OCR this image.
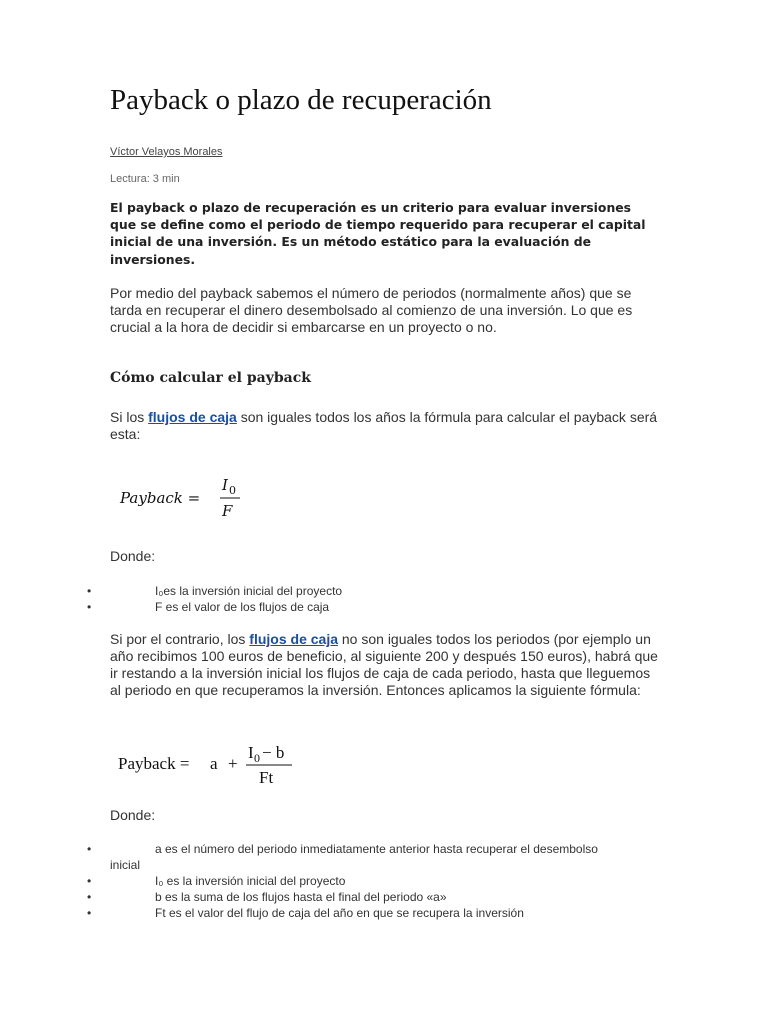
Payback o plazo de recuperación
Víctor Velayos Morales
Lectura: 3 min

El payback o plazo de recuperación es un criterio para evaluar inversiones que se define como el periodo de tiempo requerido para recuperar el capital inicial de una inversión. Es un método estático para la evaluación de inversiones.

Por medio del payback sabemos el número de periodos (normalmente años) que se tarda en recuperar el dinero desembolsado al comienzo de una inversión. Lo que es crucial a la hora de decidir si embarcarse en un proyecto o no.

Cómo calcular el payback

Si los flujos de caja son iguales todos los años la fórmula para calcular el payback será esta:

Payback =
I 0
F
Donde:
•	I₀es la inversión inicial del proyecto
•	F es el valor de los flujos de caja

Si por el contrario, los flujos de caja no son iguales todos los periodos (por ejemplo un año recibimos 100 euros de beneficio, al siguiente 200 y después 150 euros), habrá que ir restando a la inversión inicial los flujos de caja de cada periodo, hasta que lleguemos al periodo en que recuperamos la inversión. Entonces aplicamos la siguiente fórmula:

Payback = a +
I 0 − b
Ft
Donde:
•	a es el número del periodo inmediatamente anterior hasta recuperar el desembolso inicial
•	I₀ es la inversión inicial del proyecto
•	b es la suma de los flujos hasta el final del periodo «a»
•	Ft es el valor del flujo de caja del año en que se recupera la inversión
